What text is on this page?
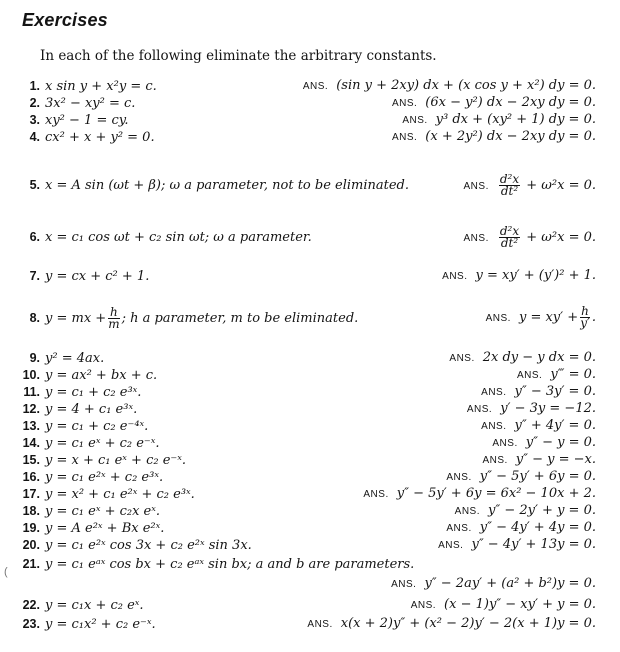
Exercises
In each of the following eliminate the arbitrary constants.
1. x sin y + x²y = c.	ANS. (sin y + 2xy) dx + (x cos y + x²) dy = 0.
2. 3x² − xy² = c.	ANS. (6x − y²) dx − 2xy dy = 0.
3. xy² − 1 = cy.	ANS. y³ dx + (xy² + 1) dy = 0.
4. cx² + x + y² = 0.	ANS. (x + 2y²) dx − 2xy dy = 0.
5. x = A sin (ωt + β); ω a parameter, not to be eliminated.	ANS. $\frac{\text{d²x}}{\text{dt²}} + \omega^2x = 0$.
6. x = c₁ cos ωt + c₂ sin ωt; ω a parameter.	ANS. $\frac{\text{d²x}}{\text{dt²}} + \omega^2x = 0$.
7. y = cx + c² + 1.	ANS. y = xy′ + (y′)² + 1.
8. y = mx + $\frac{h}{m}$ ; h a parameter, m to be eliminated.	ANS. $y = xy' + \frac{h}{y'}$ .
9. y² = 4ax.	ANS. 2x dy − y dx = 0.
10. y = ax² + bx + c.	ANS. y‴ = 0.
11. y = c₁ + c₂ e³ˣ.	ANS. y″ − 3y′ = 0.
12. y = 4 + c₁ e³ˣ.	ANS. y′ − 3y = −12.
13. y = c₁ + c₂ e⁻⁴ˣ.	ANS. y″ + 4y′ = 0.
14. y = c₁ eˣ + c₂ e⁻ˣ.	ANS. y″ − y = 0.
15. y = x + c₁ eˣ + c₂ e⁻ˣ.	ANS. y″ − y = −x.
16. y = c₁ e²ˣ + c₂ e³ˣ.	ANS. y″ − 5y′ + 6y = 0.
17. y = x² + c₁ e²ˣ + c₂ e³ˣ.	ANS. y″ − 5y′ + 6y = 6x² − 10x + 2.
18. y = c₁ eˣ + c₂x eˣ.	ANS. y″ − 2y′ + y = 0.
19. y = A e²ˣ + Bx e²ˣ.	ANS. y″ − 4y′ + 4y = 0.
(
20. y = c₁ e²ˣ cos 3x + c₂ e²ˣ sin 3x.	ANS. y″ − 4y′ + 13y = 0.
21. y = c₁ eᵃˣ cos bx + c₂ eᵃˣ sin bx; a and b are parameters.
ANS. y″ − 2ay′ + (a² + b²)y = 0.
22. y = c₁x + c₂ eˣ.	ANS. (x − 1)y″ − xy′ + y = 0.
23. y = c₁x² + c₂ e⁻ˣ.	ANS. x(x + 2)y″ + (x² − 2)y′ − 2(x + 1)y = 0.
